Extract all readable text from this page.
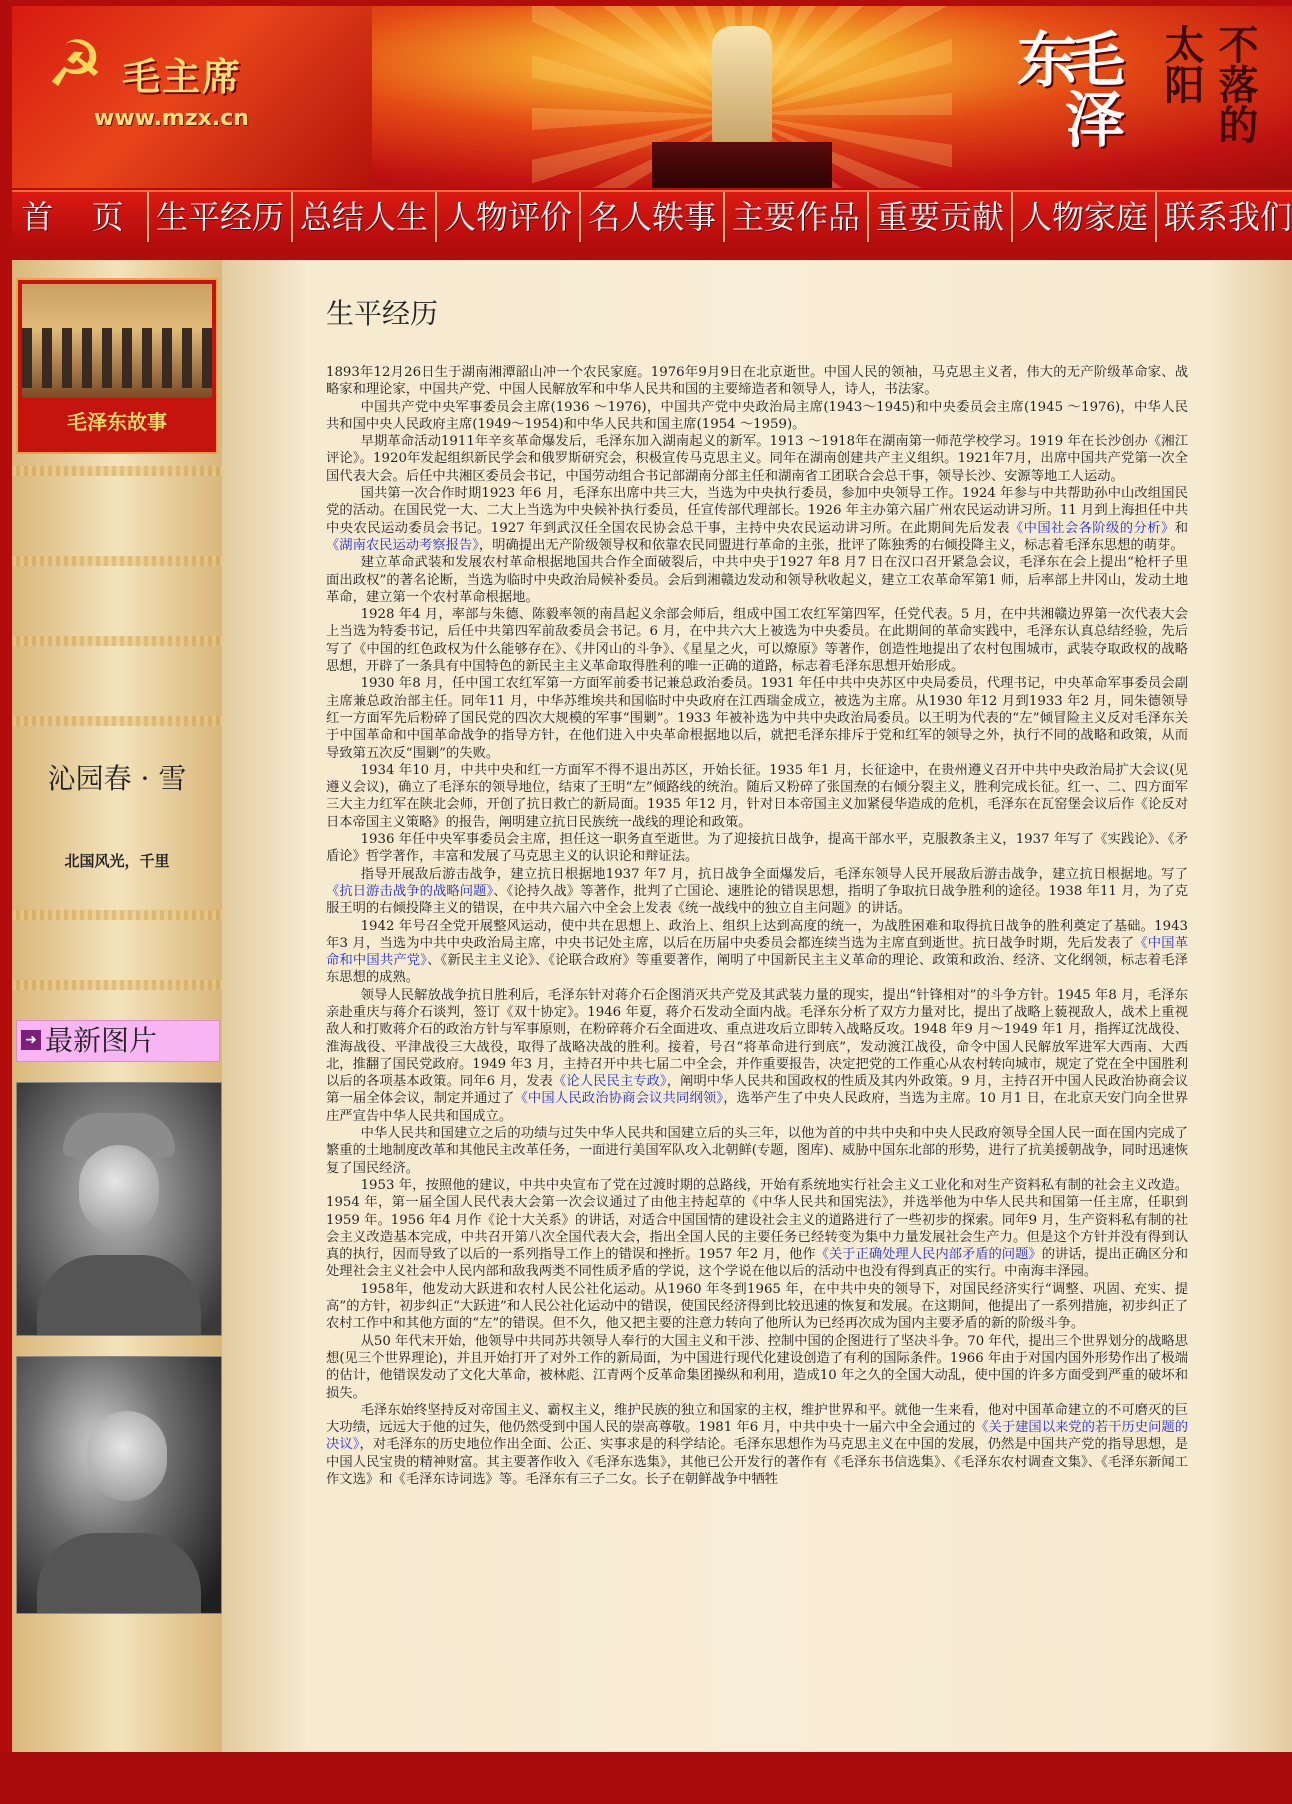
☭ 毛主席
www.mzx.cn	毛泽东	不落的太阳
首 页 生平经历 总结人生 人物评价 名人轶事 主要作品 重要贡献 人物家庭 联系我们
毛泽东故事
沁园春 · 雪
北国风光，千里
➜ 最新图片
生平经历

1893年12月26日生于湖南湘潭韶山冲一个农民家庭。1976年9月9日在北京逝世。中国人民的领袖，马克思主义者，伟大的无产阶级革命家、战略家和理论家，中国共产党、中国人民解放军和中华人民共和国的主要缔造者和领导人，诗人，书法家。

中国共产党中央军事委员会主席(1936 ～1976)，中国共产党中央政治局主席(1943～1945)和中央委员会主席(1945 ～1976)，中华人民共和国中央人民政府主席(1949～1954)和中华人民共和国主席(1954 ～1959)。

早期革命活动1911年辛亥革命爆发后，毛泽东加入湖南起义的新军。1913 ～1918年在湖南第一师范学校学习。1919 年在长沙创办《湘江评论》。1920年发起组织新民学会和俄罗斯研究会，积极宣传马克思主义。同年在湖南创建共产主义组织。1921年7月，出席中国共产党第一次全国代表大会。后任中共湘区委员会书记，中国劳动组合书记部湖南分部主任和湖南省工团联合会总干事，领导长沙、安源等地工人运动。

国共第一次合作时期1923 年6 月，毛泽东出席中共三大，当选为中央执行委员，参加中央领导工作。1924 年参与中共帮助孙中山改组国民党的活动。在国民党一大、二大上当选为中央候补执行委员，任宣传部代理部长。1926 年主办第六届广州农民运动讲习所。11 月到上海担任中共中央农民运动委员会书记。1927 年到武汉任全国农民协会总干事，主持中央农民运动讲习所。在此期间先后发表《中国社会各阶级的分析》和《湖南农民运动考察报告》，明确提出无产阶级领导权和依靠农民同盟进行革命的主张，批评了陈独秀的右倾投降主义，标志着毛泽东思想的萌芽。

建立革命武装和发展农村革命根据地国共合作全面破裂后，中共中央于1927 年8 月7 日在汉口召开紧急会议，毛泽东在会上提出“枪杆子里面出政权”的著名论断，当选为临时中央政治局候补委员。会后到湘赣边发动和领导秋收起义，建立工农革命军第1 师，后率部上井冈山，发动土地革命，建立第一个农村革命根据地。

1928 年4 月，率部与朱德、陈毅率领的南昌起义余部会师后，组成中国工农红军第四军，任党代表。5 月，在中共湘赣边界第一次代表大会上当选为特委书记，后任中共第四军前敌委员会书记。6 月，在中共六大上被选为中央委员。在此期间的革命实践中，毛泽东认真总结经验，先后写了《中国的红色政权为什么能够存在》、《井冈山的斗争》、《星星之火，可以燎原》等著作，创造性地提出了农村包围城市，武装夺取政权的战略思想，开辟了一条具有中国特色的新民主主义革命取得胜利的唯一正确的道路，标志着毛泽东思想开始形成。

1930 年8 月，任中国工农红军第一方面军前委书记兼总政治委员。1931 年任中共中央苏区中央局委员，代理书记，中央革命军事委员会副主席兼总政治部主任。同年11 月，中华苏维埃共和国临时中央政府在江西瑞金成立，被选为主席。从1930 年12 月到1933 年2 月，同朱德领导红一方面军先后粉碎了国民党的四次大规模的军事“围剿”。1933 年被补选为中共中央政治局委员。以王明为代表的“左”倾冒险主义反对毛泽东关于中国革命和中国革命战争的指导方针，在他们进入中央革命根据地以后，就把毛泽东排斥于党和红军的领导之外，执行不同的战略和政策，从而导致第五次反“围剿”的失败。

1934 年10 月，中共中央和红一方面军不得不退出苏区，开始长征。1935 年1 月，长征途中，在贵州遵义召开中共中央政治局扩大会议(见遵义会议)，确立了毛泽东的领导地位，结束了王明“左”倾路线的统治。随后又粉碎了张国焘的右倾分裂主义，胜利完成长征。红一、二、四方面军三大主力红军在陕北会师，开创了抗日救亡的新局面。1935 年12 月，针对日本帝国主义加紧侵华造成的危机，毛泽东在瓦窑堡会议后作《论反对日本帝国主义策略》的报告，阐明建立抗日民族统一战线的理论和政策。

1936 年任中央军事委员会主席，担任这一职务直至逝世。为了迎接抗日战争，提高干部水平，克服教条主义，1937 年写了《实践论》、《矛盾论》哲学著作，丰富和发展了马克思主义的认识论和辩证法。

指导开展敌后游击战争，建立抗日根据地1937 年7 月，抗日战争全面爆发后，毛泽东领导人民开展敌后游击战争，建立抗日根据地。写了《抗日游击战争的战略问题》、《论持久战》等著作，批判了亡国论、速胜论的错误思想，指明了争取抗日战争胜利的途径。1938 年11 月，为了克服王明的右倾投降主义的错误，在中共六届六中全会上发表《统一战线中的独立自主问题》的讲话。

1942 年号召全党开展整风运动，使中共在思想上、政治上、组织上达到高度的统一，为战胜困难和取得抗日战争的胜利奠定了基础。1943 年3 月，当选为中共中央政治局主席，中央书记处主席，以后在历届中央委员会都连续当选为主席直到逝世。抗日战争时期，先后发表了《中国革命和中国共产党》、《新民主主义论》、《论联合政府》等重要著作，阐明了中国新民主主义革命的理论、政策和政治、经济、文化纲领，标志着毛泽东思想的成熟。

领导人民解放战争抗日胜利后，毛泽东针对蒋介石企图消灭共产党及其武装力量的现实，提出“针锋相对”的斗争方针。1945 年8 月，毛泽东亲赴重庆与蒋介石谈判，签订《双十协定》。1946 年夏，蒋介石发动全面内战。毛泽东分析了双方力量对比，提出了战略上藐视敌人，战术上重视敌人和打败蒋介石的政治方针与军事原则，在粉碎蒋介石全面进攻、重点进攻后立即转入战略反攻。1948 年9 月～1949 年1 月，指挥辽沈战役、淮海战役、平津战役三大战役，取得了战略决战的胜利。接着，号召“将革命进行到底”，发动渡江战役，命令中国人民解放军进军大西南、大西北，推翻了国民党政府。1949 年3 月，主持召开中共七届二中全会，并作重要报告，决定把党的工作重心从农村转向城市，规定了党在全中国胜利以后的各项基本政策。同年6 月，发表《论人民民主专政》，阐明中华人民共和国政权的性质及其内外政策。9 月，主持召开中国人民政治协商会议第一届全体会议，制定并通过了《中国人民政治协商会议共同纲领》，选举产生了中央人民政府，当选为主席。10 月1 日，在北京天安门向全世界庄严宣告中华人民共和国成立。

中华人民共和国建立之后的功绩与过失中华人民共和国建立后的头三年，以他为首的中共中央和中央人民政府领导全国人民一面在国内完成了繁重的土地制度改革和其他民主改革任务，一面进行美国军队攻入北朝鲜(专题，图库)、威胁中国东北部的形势，进行了抗美援朝战争，同时迅速恢复了国民经济。

1953 年，按照他的建议，中共中央宣布了党在过渡时期的总路线，开始有系统地实行社会主义工业化和对生产资料私有制的社会主义改造。1954 年，第一届全国人民代表大会第一次会议通过了由他主持起草的《中华人民共和国宪法》，并选举他为中华人民共和国第一任主席，任职到1959 年。1956 年4 月作《论十大关系》的讲话，对适合中国国情的建设社会主义的道路进行了一些初步的探索。同年9 月，生产资料私有制的社会主义改造基本完成，中共召开第八次全国代表大会，指出全国人民的主要任务已经转变为集中力量发展社会生产力。但是这个方针并没有得到认真的执行，因而导致了以后的一系列指导工作上的错误和挫折。1957 年2 月，他作《关于正确处理人民内部矛盾的问题》的讲话，提出正确区分和处理社会主义社会中人民内部和敌我两类不同性质矛盾的学说，这个学说在他以后的活动中也没有得到真正的实行。中南海丰泽园。

1958年，他发动大跃进和农村人民公社化运动。从1960 年冬到1965 年，在中共中央的领导下，对国民经济实行“调整、巩固、充实、提高”的方针，初步纠正“大跃进”和人民公社化运动中的错误，使国民经济得到比较迅速的恢复和发展。在这期间，他提出了一系列措施，初步纠正了农村工作中和其他方面的“左”的错误。但不久，他又把主要的注意力转向了他所认为已经再次成为国内主要矛盾的新的阶级斗争。

从50 年代末开始，他领导中共同苏共领导人奉行的大国主义和干涉、控制中国的企图进行了坚决斗争。70 年代，提出三个世界划分的战略思想(见三个世界理论)，并且开始打开了对外工作的新局面，为中国进行现代化建设创造了有利的国际条件。1966 年由于对国内国外形势作出了极端的估计，他错误发动了文化大革命，被林彪、江青两个反革命集团操纵和利用，造成10 年之久的全国大动乱，使中国的许多方面受到严重的破坏和损失。

毛泽东始终坚持反对帝国主义、霸权主义，维护民族的独立和国家的主权，维护世界和平。就他一生来看，他对中国革命建立的不可磨灭的巨大功绩，远远大于他的过失，他仍然受到中国人民的崇高尊敬。1981 年6 月，中共中央十一届六中全会通过的《关于建国以来党的若干历史问题的决议》，对毛泽东的历史地位作出全面、公正、实事求是的科学结论。毛泽东思想作为马克思主义在中国的发展，仍然是中国共产党的指导思想，是中国人民宝贵的精神财富。其主要著作收入《毛泽东选集》，其他已公开发行的著作有《毛泽东书信选集》、《毛泽东农村调查文集》、《毛泽东新闻工作文选》和《毛泽东诗词选》等。毛泽东有三子二女。长子在朝鲜战争中牺牲
